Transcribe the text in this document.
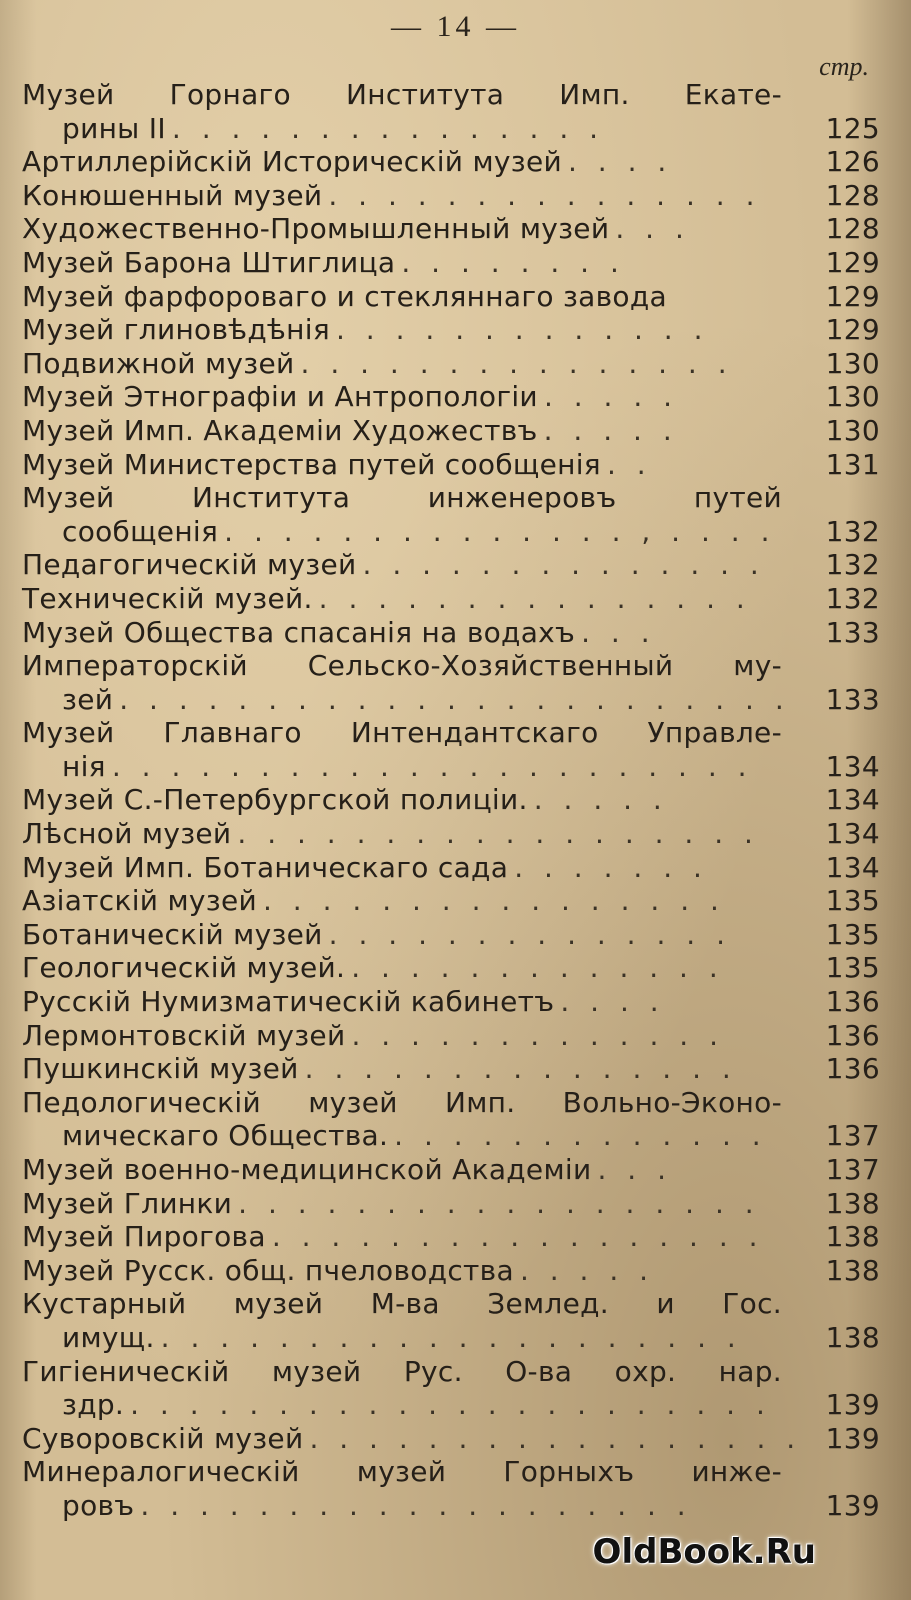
— 14 —
стр.
Музей Горнаго Института Имп. Екате-
рины II . . . . . . . . . . . . . . .	125
Артиллерійскій Историческій музей . . . .	126
Конюшенный музей . . . . . . . . . . . . . . .	128
Художественно-Промышленный музей . . .	128
Музей Барона Штиглица . . . . . . . .	129
Музей фарфороваго и стекляннаго завода	129
Музей глиновѣдѣнія . . . . . . . . . . . . .	129
Подвижной музей . . . . . . . . . . . . . . .	130
Музей Этнографіи и Антропологіи . . . . .	130
Музей Имп. Академіи Художествъ . . . . .	130
Музей Министерства путей сообщенія . .	131
Музей Института инженеровъ путей
сообщенія . . . . . . . . . . . . . . , . . . .	132
Педагогическій музей . . . . . . . . . . . . . .	132
Техническій музей. . . . . . . . . . . . . . . .	132
Музей Общества спасанія на водахъ . . .	133
Императорскій Сельско-Хозяйственный му-
зей . . . . . . . . . . . . . . . . . . . . . . .	133
Музей Главнаго Интендантскаго Управле-
нія . . . . . . . . . . . . . . . . . . . . . .	134
Музей С.-Петербургской полиціи. . . . . .	134
Лѣсной музей . . . . . . . . . . . . . . . . . .	134
Музей Имп. Ботаническаго сада . . . . . . .	134
Азіатскій музей . . . . . . . . . . . . . . . .	135
Ботаническій музей . . . . . . . . . . . . . .	135
Геологическій музей. . . . . . . . . . . . . .	135
Русскій Нумизматическій кабинетъ . . . .	136
Лермонтовскій музей . . . . . . . . . . . . .	136
Пушкинскій музей . . . . . . . . . . . . . . .	136
Педологическій музей Имп. Вольно-Эконо-
мическаго Общества. . . . . . . . . . . . . .	137
Музей военно-медицинской Академіи . . .	137
Музей Глинки . . . . . . . . . . . . . . . . . .	138
Музей Пирогова . . . . . . . . . . . . . . . . .	138
Музей Русск. общ. пчеловодства . . . . .	138
Кустарный музей М-ва Землед. и Гос.
имущ. . . . . . . . . . . . . . . . . . . . .	138
Гигіеническій музей Рус. О-ва охр. нар.
здр. . . . . . . . . . . . . . . . . . . . . . .	139
Суворовскій музей . . . . . . . . . . . . . . . . . 139
Минералогическій музей Горныхъ инже-
ровъ . . . . . . . . . . . . . . . . . . .	139
OldBook.Ru
